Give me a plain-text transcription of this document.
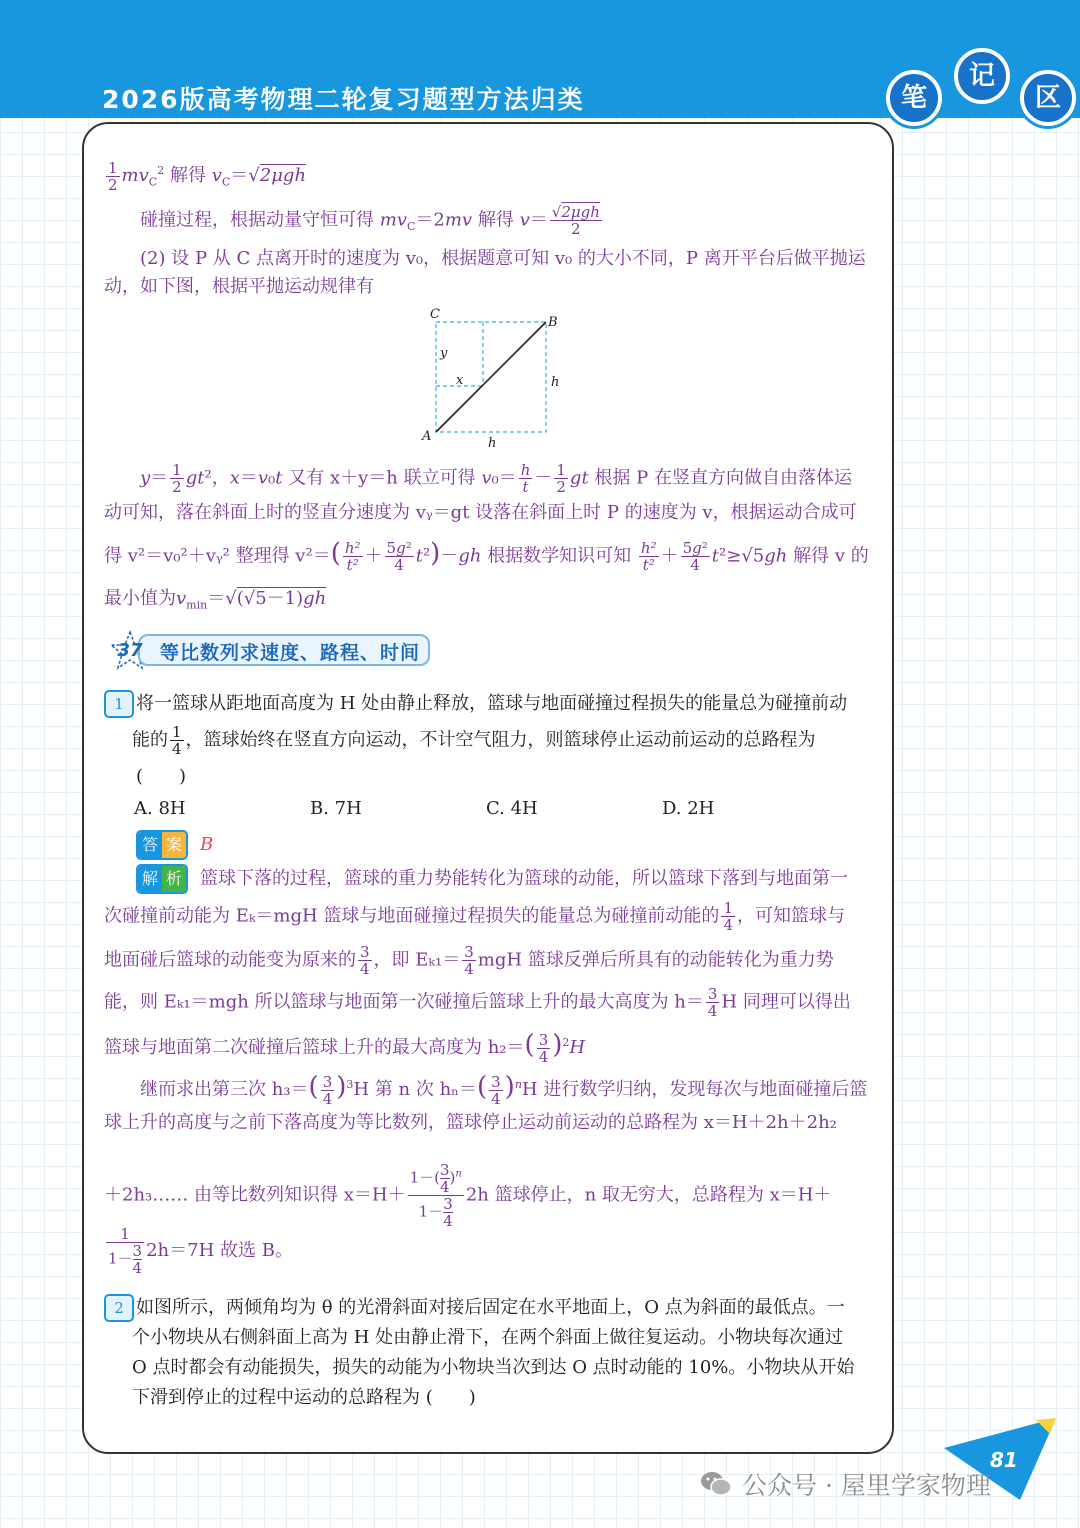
2026版高考物理二轮复习题型方法归类	笔
记
区
$\frac{1}{2} mv_C^2$ 解得 $v_C=√2\mu gh$
碰撞过程，根据动量守恒可得 $mv_C=2mv$ 解得 $v= \frac{\text{√2μgh}}{2}$
(2) 设 P 从 C 点离开时的速度为 v₀，根据题意可知 v₀ 的大小不同，P 离开平台后做平抛运
动，如下图，根据平抛运动规律有
C
B
A
y
x	h
h
$y= \frac{1}{2} gt^2$，x＝v₀t 又有 x＋y＝h 联立可得 $v_0= \frac{h}{t} - \frac{1}{2}$ gt 根据 P 在竖直方向做自由落体运
动可知，落在斜面上时的竖直分速度为 vᵧ＝gt 设落在斜面上时 P 的速度为 v，根据运动合成可
得 v²＝v₀²＋vᵧ² 整理得 $v^2=( \frac{\text{h²}}{\text{t²}} + \frac{\text{5g²}}{4} t^2)-gh$ 根据数学知识可知 $\frac{\text{h²}}{\text{t²}} + \frac{\text{5g²}}{4} t^2\ge√5gh$ 解得 v 的
最小值为$v_{min}=√(√5-1)gh$
37 等比数列求速度、路程、时间
1 将一篮球从距地面高度为 H 处由静止释放，篮球与地面碰撞过程损失的能量总为碰撞前动
能的 $\frac{1}{4}$ ，篮球始终在竖直方向运动，不计空气阻力，则篮球停止运动前运动的总路程为
(　　)
A. 8H	B. 7H	C. 4H	D. 2H
答 案 B
解 析 篮球下落的过程，篮球的重力势能转化为篮球的动能，所以篮球下落到与地面第一
次碰撞前动能为 Eₖ＝mgH 篮球与地面碰撞过程损失的能量总为碰撞前动能的 $\frac{1}{4}$ ，可知篮球与
地面碰后篮球的动能变为原来的 $\frac{3}{4}$ ，即 $E_{k1}= \frac{3}{4}$ mgH 篮球反弹后所具有的动能转化为重力势
能，则 Eₖ₁＝mgh 所以篮球与地面第一次碰撞后篮球上升的最大高度为 $h= \frac{3}{4}$ H 同理可以得出
篮球与地面第二次碰撞后篮球上升的最大高度为 $h_2=( \frac{3}{4} )^2H$
继而求出第三次 $h_3=( \frac{3}{4} )^3H$ 第 n 次 $h_n=( \frac{3}{4} )^nH$ 进行数学归纳，发现每次与地面碰撞后篮
球上升的高度与之前下落高度为等比数列，篮球停止运动前运动的总路程为 x＝H＋2h＋2h₂
＋2h₃…… 由等比数列知识得 $x=H+ \frac{1-( \frac{3}{4} )^n}{1- \frac{3}{4}} 2h$ 篮球停止，n 取无穷大，总路程为 x＝H＋
$\frac{1}{1- \frac{3}{4}} 2h=7H$ 故选 B。
2 如图所示，两倾角均为 θ 的光滑斜面对接后固定在水平地面上，O 点为斜面的最低点。一
个小物块从右侧斜面上高为 H 处由静止滑下，在两个斜面上做往复运动。小物块每次通过
O 点时都会有动能损失，损失的动能为小物块当次到达 O 点时动能的 10%。小物块从开始
下滑到停止的过程中运动的总路程为 (　　)
81
公众号 · 屋里学家物理
